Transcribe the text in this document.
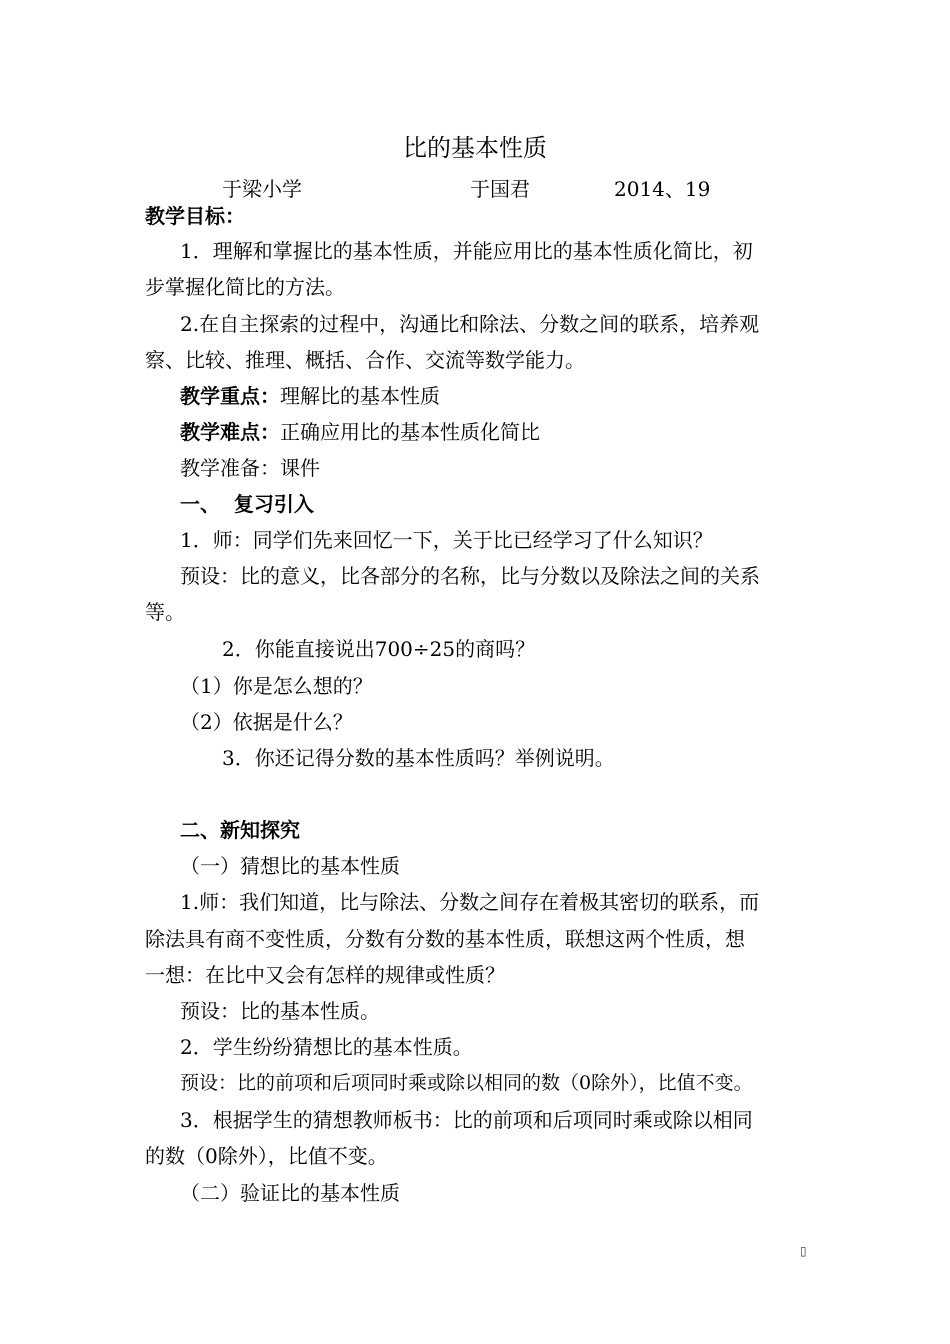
比的基本性质
于梁小学	于国君	2014、19
教学目标：
1．理解和掌握比的基本性质，并能应用比的基本性质化简比，初
步掌握化简比的方法。
2.在自主探索的过程中，沟通比和除法、分数之间的联系，培养观
察、比较、推理、概括、合作、交流等数学能力。
教学重点：理解比的基本性质
教学难点：正确应用比的基本性质化简比
教学准备：课件
一、  复习引入
1．师：同学们先来回忆一下，关于比已经学习了什么知识？
预设：比的意义，比各部分的名称，比与分数以及除法之间的关系
等。
2．你能直接说出700÷25的商吗？
（1）你是怎么想的？
（2）依据是什么？
3．你还记得分数的基本性质吗？举例说明。
二、新知探究
（一）猜想比的基本性质
1.师：我们知道，比与除法、分数之间存在着极其密切的联系，而
除法具有商不变性质，分数有分数的基本性质，联想这两个性质，想
一想：在比中又会有怎样的规律或性质？
预设：比的基本性质。
2．学生纷纷猜想比的基本性质。
预设：比的前项和后项同时乘或除以相同的数（0除外），比值不变。
3．根据学生的猜想教师板书：比的前项和后项同时乘或除以相同
的数（0除外），比值不变。
（二）验证比的基本性质
▯
